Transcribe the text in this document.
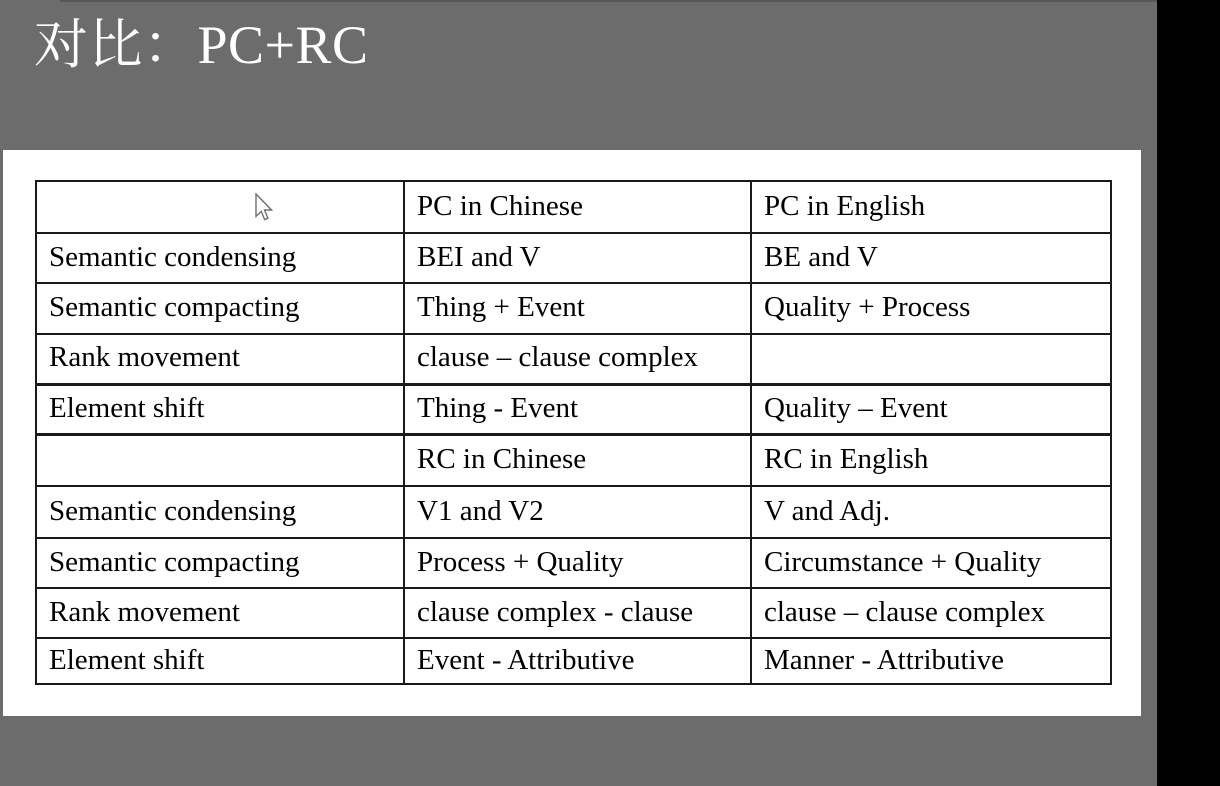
对比：PC+RC
	PC in Chinese	PC in English
Semantic condensing	BEI and V	BE and V
Semantic compacting	Thing + Event	Quality + Process
Rank movement	clause – clause complex	
Element shift	Thing - Event	Quality – Event
	RC in Chinese	RC in English
Semantic condensing	V1 and V2	V and Adj.
Semantic compacting	Process + Quality	Circumstance + Quality
Rank movement	clause complex - clause	clause – clause complex
Element shift	Event - Attributive	Manner - Attributive
